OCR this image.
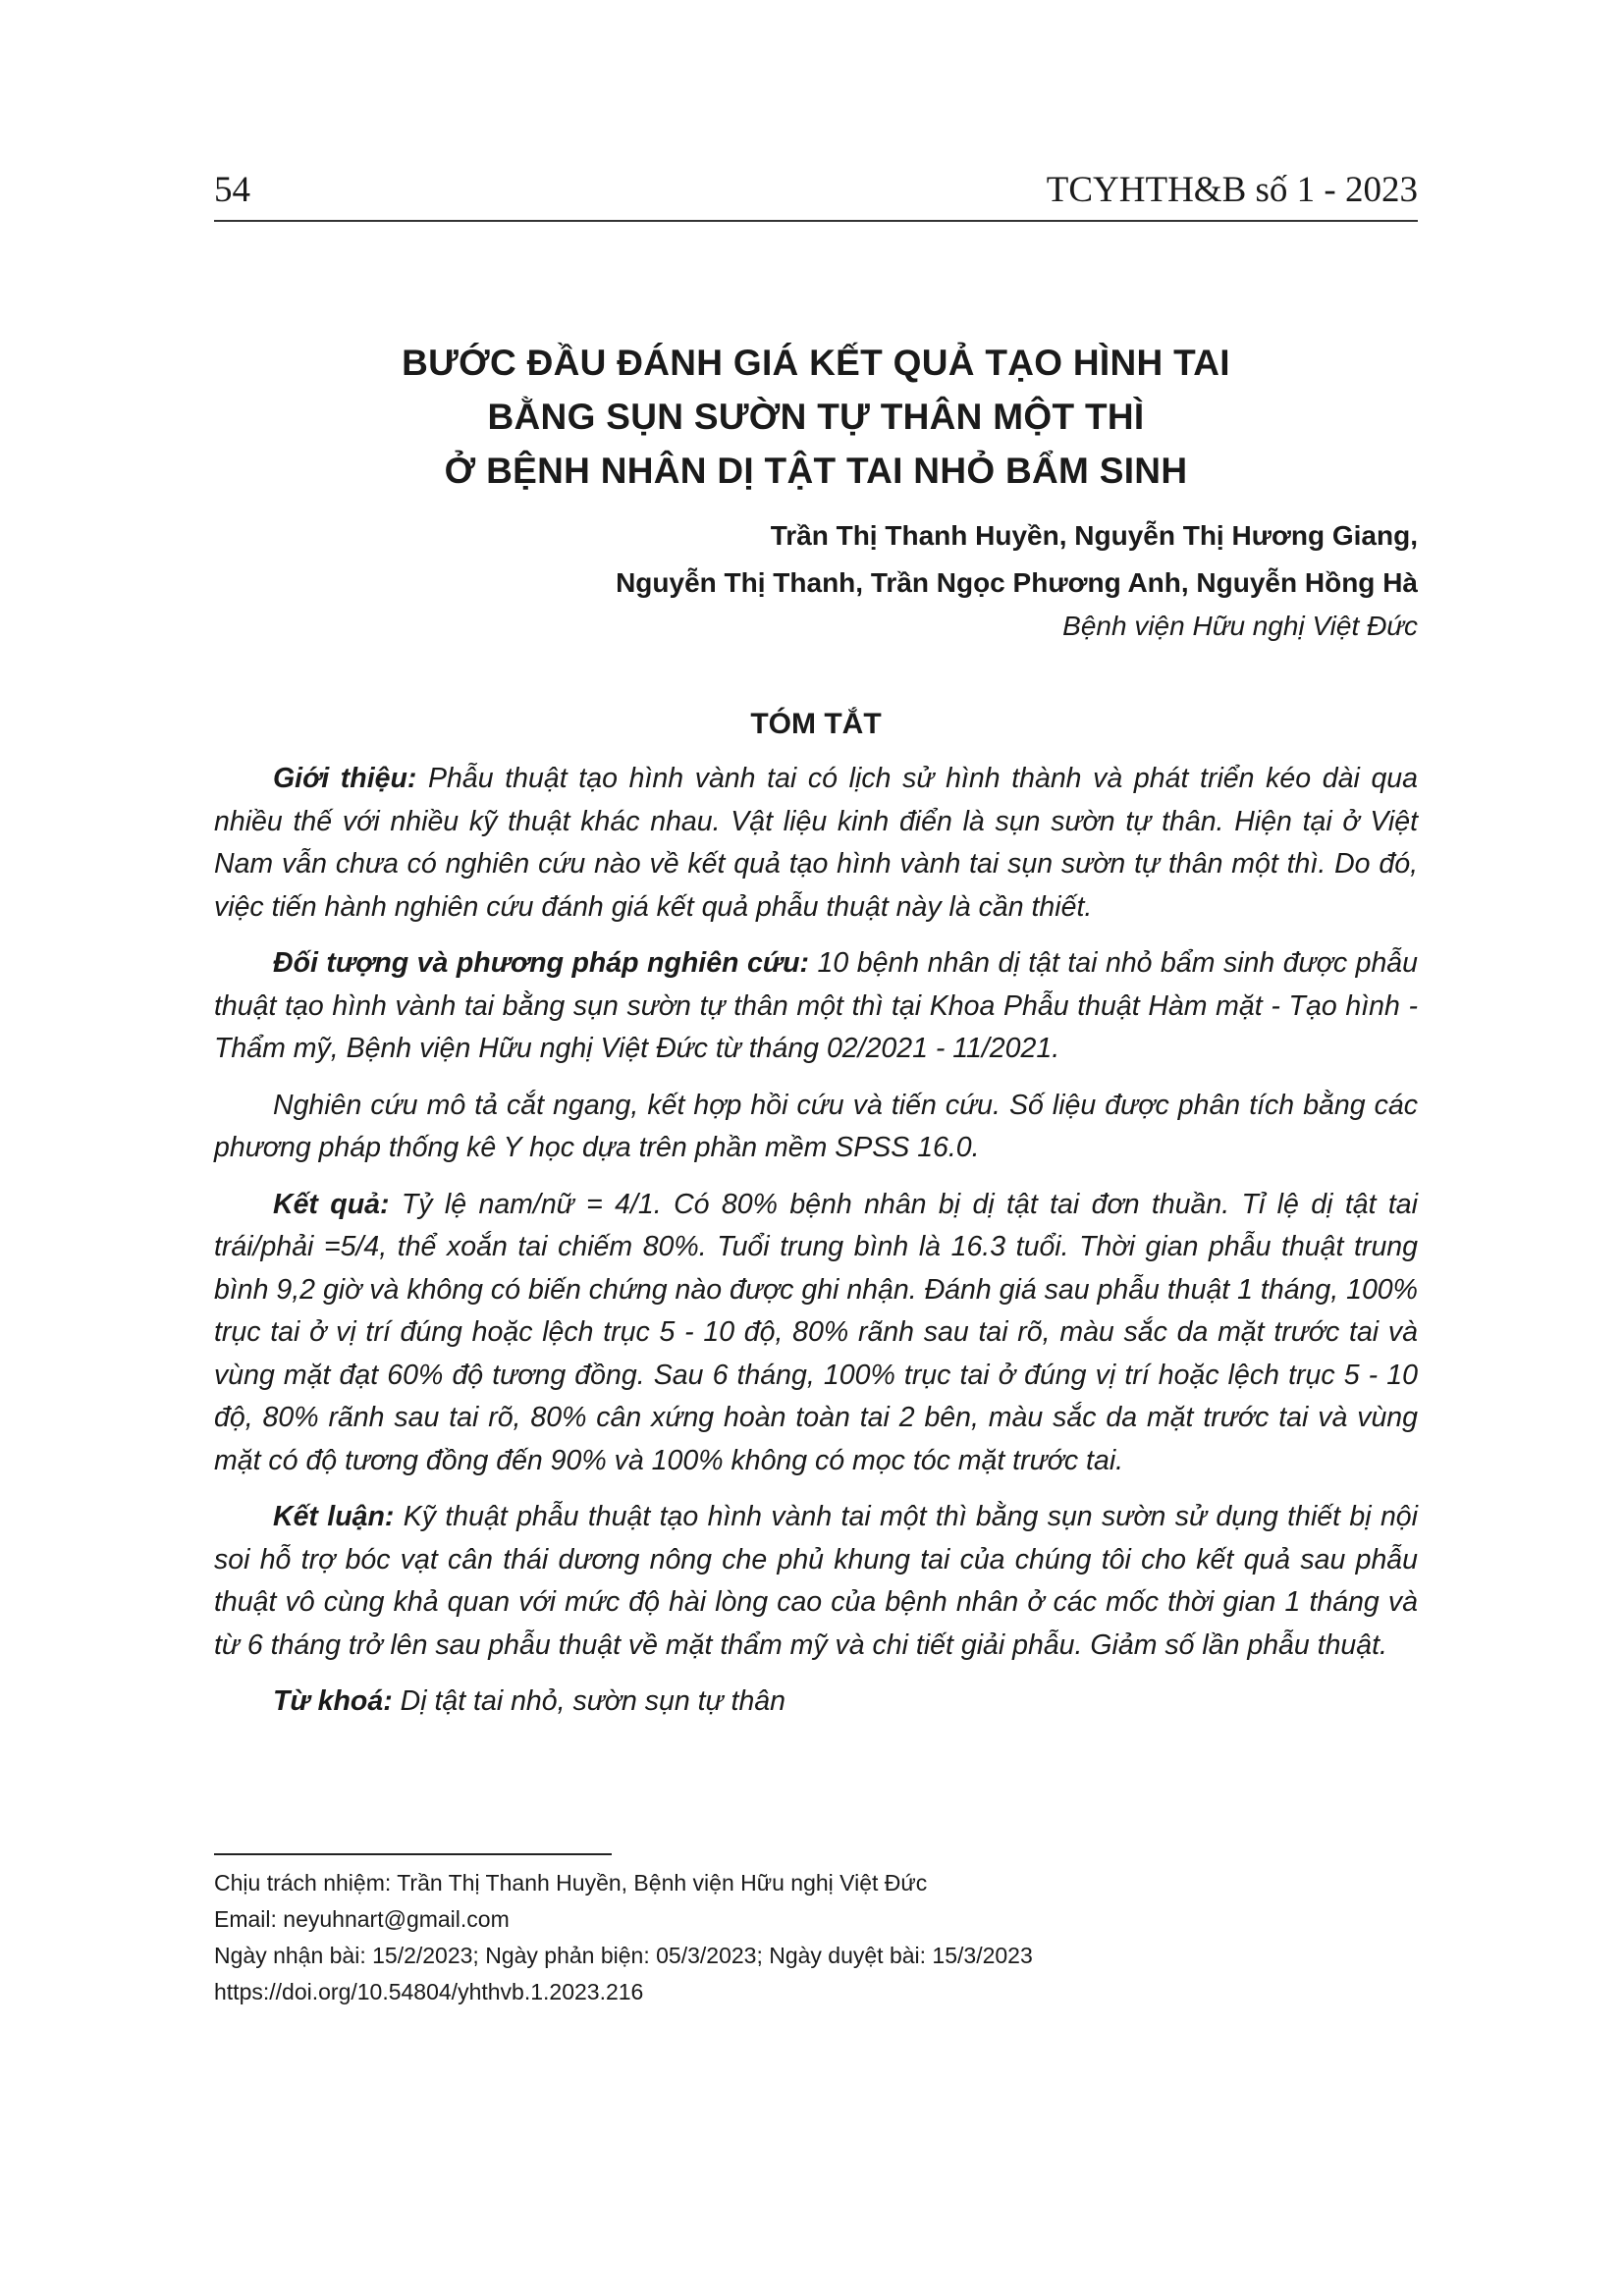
54	TCYHTH&B số 1 - 2023
BƯỚC ĐẦU ĐÁNH GIÁ KẾT QUẢ TẠO HÌNH TAI
BẰNG SỤN SƯỜN TỰ THÂN MỘT THÌ
Ở BỆNH NHÂN DỊ TẬT TAI NHỎ BẨM SINH
Trần Thị Thanh Huyền, Nguyễn Thị Hương Giang,
Nguyễn Thị Thanh, Trần Ngọc Phương Anh, Nguyễn Hồng Hà
Bệnh viện Hữu nghị Việt Đức
TÓM TẮT

Giới thiệu: Phẫu thuật tạo hình vành tai có lịch sử hình thành và phát triển kéo dài qua nhiều thế với nhiều kỹ thuật khác nhau. Vật liệu kinh điển là sụn sườn tự thân. Hiện tại ở Việt Nam vẫn chưa có nghiên cứu nào về kết quả tạo hình vành tai sụn sườn tự thân một thì. Do đó, việc tiến hành nghiên cứu đánh giá kết quả phẫu thuật này là cần thiết.

Đối tượng và phương pháp nghiên cứu: 10 bệnh nhân dị tật tai nhỏ bẩm sinh được phẫu thuật tạo hình vành tai bằng sụn sườn tự thân một thì tại Khoa Phẫu thuật Hàm mặt - Tạo hình - Thẩm mỹ, Bệnh viện Hữu nghị Việt Đức từ tháng 02/2021 - 11/2021.

Nghiên cứu mô tả cắt ngang, kết hợp hồi cứu và tiến cứu. Số liệu được phân tích bằng các phương pháp thống kê Y học dựa trên phần mềm SPSS 16.0.

Kết quả: Tỷ lệ nam/nữ = 4/1. Có 80% bệnh nhân bị dị tật tai đơn thuần. Tỉ lệ dị tật tai trái/phải =5/4, thể xoắn tai chiếm 80%. Tuổi trung bình là 16.3 tuổi. Thời gian phẫu thuật trung bình 9,2 giờ và không có biến chứng nào được ghi nhận. Đánh giá sau phẫu thuật 1 tháng, 100% trục tai ở vị trí đúng hoặc lệch trục 5 - 10 độ, 80% rãnh sau tai rõ, màu sắc da mặt trước tai và vùng mặt đạt 60% độ tương đồng. Sau 6 tháng, 100% trục tai ở đúng vị trí hoặc lệch trục 5 - 10 độ, 80% rãnh sau tai rõ, 80% cân xứng hoàn toàn tai 2 bên, màu sắc da mặt trước tai và vùng mặt có độ tương đồng đến 90% và 100% không có mọc tóc mặt trước tai.

Kết luận: Kỹ thuật phẫu thuật tạo hình vành tai một thì bằng sụn sườn sử dụng thiết bị nội soi hỗ trợ bóc vạt cân thái dương nông che phủ khung tai của chúng tôi cho kết quả sau phẫu thuật vô cùng khả quan với mức độ hài lòng cao của bệnh nhân ở các mốc thời gian 1 tháng và từ 6 tháng trở lên sau phẫu thuật về mặt thẩm mỹ và chi tiết giải phẫu. Giảm số lần phẫu thuật.

Từ khoá: Dị tật tai nhỏ, sườn sụn tự thân

Chịu trách nhiệm: Trần Thị Thanh Huyền, Bệnh viện Hữu nghị Việt Đức
Email: neyuhnart@gmail.com
Ngày nhận bài: 15/2/2023; Ngày phản biện: 05/3/2023; Ngày duyệt bài: 15/3/2023
https://doi.org/10.54804/yhthvb.1.2023.216
